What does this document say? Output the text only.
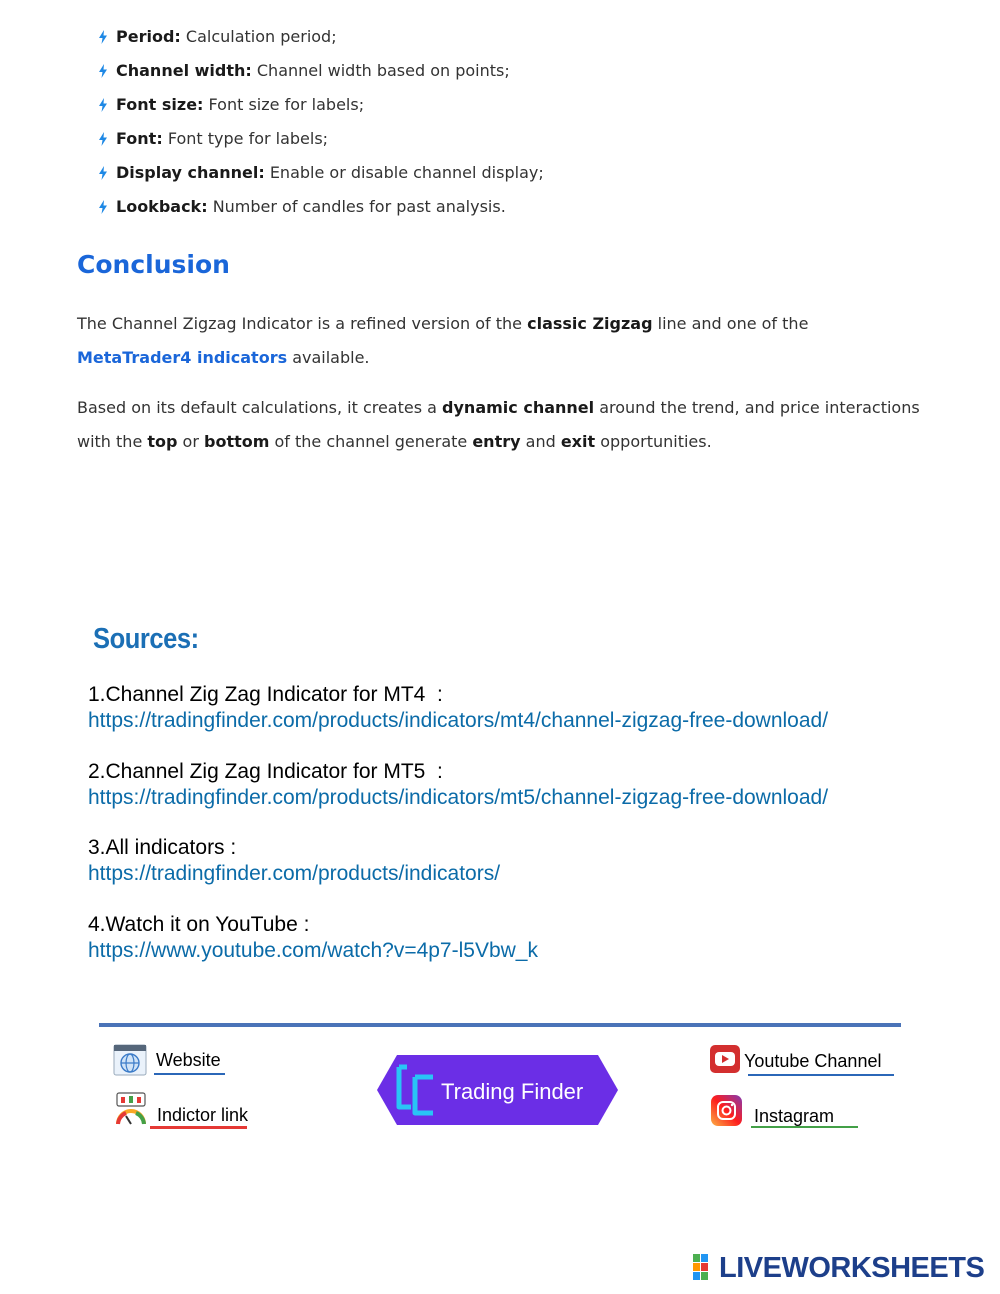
Period: Calculation period;
Channel width: Channel width based on points;
Font size: Font size for labels;
Font: Font type for labels;
Display channel: Enable or disable channel display;
Lookback: Number of candles for past analysis.
Conclusion

The Channel Zigzag Indicator is a refined version of the classic Zigzag line and one of the
MetaTrader4 indicators available.

Based on its default calculations, it creates a dynamic channel around the trend, and price interactions with the top or bottom of the channel generate entry and exit opportunities.

Sources:
1.Channel Zig Zag Indicator for MT4  :
https://tradingfinder.com/products/indicators/mt4/channel-zigzag-free-download/
2.Channel Zig Zag Indicator for MT5  :
https://tradingfinder.com/products/indicators/mt5/channel-zigzag-free-download/
3.All indicators :
https://tradingfinder.com/products/indicators/
4.Watch it on YouTube :
https://www.youtube.com/watch?v=4p7-l5Vbw_k
Website
Indictor link
Trading Finder
Youtube Channel
Instagram
LIVEWORKSHEETS
